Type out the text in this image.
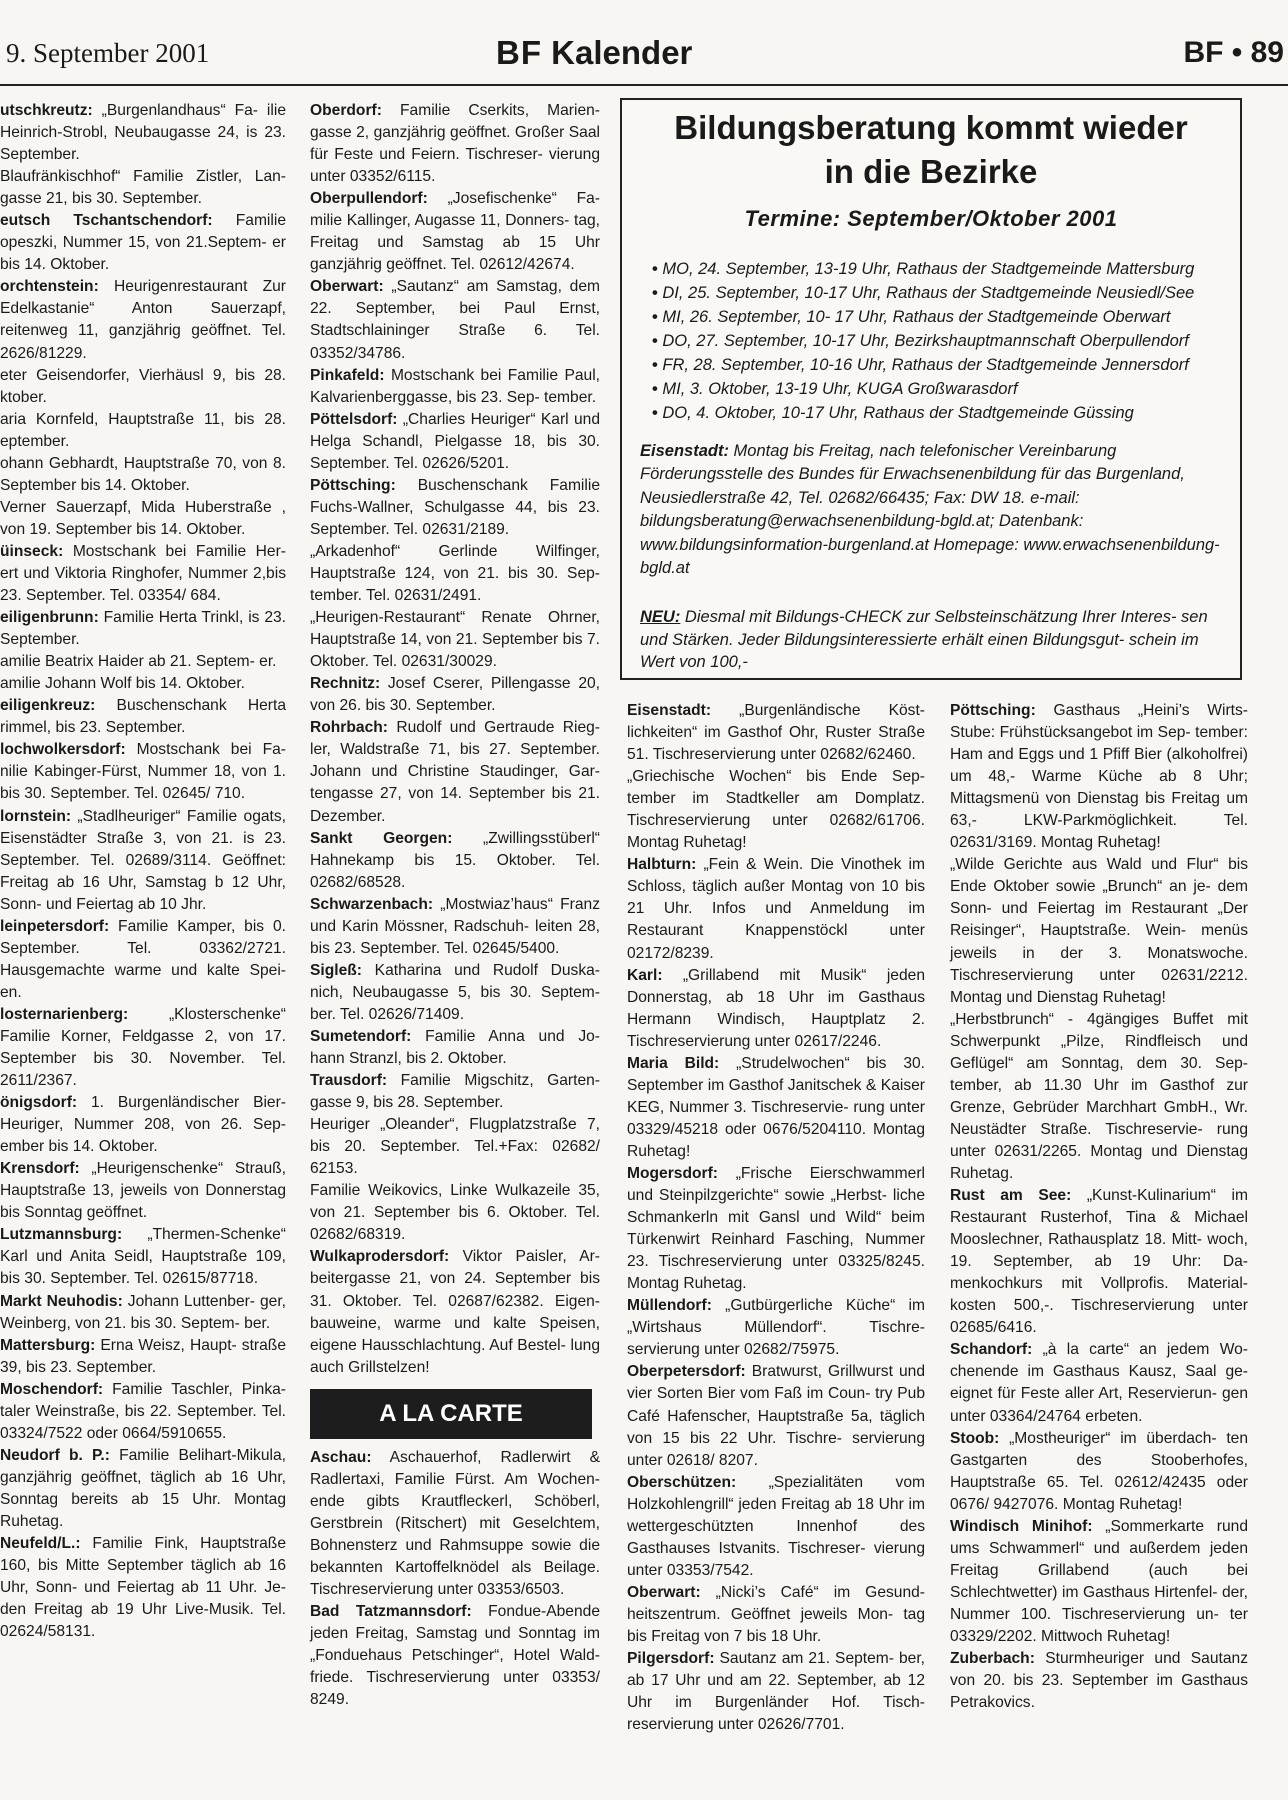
9. September 2001	BF Kalender	BF • 89

utschkreutz: „Burgenlandhaus“ Fa- ilie Heinrich-Strobl, Neubaugasse 24, is 23. September.

Blaufränkischhof“ Familie Zistler, Lan- gasse 21, bis 30. September.

eutsch Tschantschendorf: Familie opeszki, Nummer 15, von 21.Septem- er bis 14. Oktober.

orchtenstein: Heurigenrestaurant Zur Edelkastanie“ Anton Sauerzapf, reitenweg 11, ganzjährig geöffnet. Tel. 2626/81229.

eter Geisendorfer, Vierhäusl 9, bis 28. ktober.

aria Kornfeld, Hauptstraße 11, bis 28. eptember.

ohann Gebhardt, Hauptstraße 70, von 8. September bis 14. Oktober.

Verner Sauerzapf, Mida Huberstraße , von 19. September bis 14. Oktober.

üinseck: Mostschank bei Familie Her- ert und Viktoria Ringhofer, Nummer 2,bis 23. September. Tel. 03354/ 684.

eiligenbrunn: Familie Herta Trinkl, is 23. September.

amilie Beatrix Haider ab 21. Septem- er.

amilie Johann Wolf bis 14. Oktober.

eiligenkreuz: Buschenschank Herta rimmel, bis 23. September.

lochwolkersdorf: Mostschank bei Fa- nilie Kabinger-Fürst, Nummer 18, von 1. bis 30. September. Tel. 02645/ 710.

lornstein: „Stadlheuriger“ Familie ogats, Eisenstädter Straße 3, von 21. is 23. September. Tel. 02689/3114. Geöffnet: Freitag ab 16 Uhr, Samstag b 12 Uhr, Sonn- und Feiertag ab 10 Jhr.

leinpetersdorf: Familie Kamper, bis 0. September. Tel. 03362/2721. Hausgemachte warme und kalte Spei- en.

losternarienberg: „Klosterschenke“ Familie Korner, Feldgasse 2, von 17. September bis 30. November. Tel. 2611/2367.

önigsdorf: 1. Burgenländischer Bier- Heuriger, Nummer 208, von 26. Sep- ember bis 14. Oktober.

Krensdorf: „Heurigenschenke“ Strauß, Hauptstraße 13, jeweils von Donnerstag bis Sonntag geöffnet.

Lutzmannsburg: „Thermen-Schenke“ Karl und Anita Seidl, Hauptstraße 109, bis 30. September. Tel. 02615/87718.

Markt Neuhodis: Johann Luttenber- ger, Weinberg, von 21. bis 30. Septem- ber.

Mattersburg: Erna Weisz, Haupt- straße 39, bis 23. September.

Moschendorf: Familie Taschler, Pinka- taler Weinstraße, bis 22. September. Tel. 03324/7522 oder 0664/5910655.

Neudorf b. P.: Familie Belihart-Mikula, ganzjährig geöffnet, täglich ab 16 Uhr, Sonntag bereits ab 15 Uhr. Montag Ruhetag.

Neufeld/L.: Familie Fink, Hauptstraße 160, bis Mitte September täglich ab 16 Uhr, Sonn- und Feiertag ab 11 Uhr. Je- den Freitag ab 19 Uhr Live-Musik. Tel. 02624/58131.

Oberdorf: Familie Cserkits, Marien- gasse 2, ganzjährig geöffnet. Großer Saal für Feste und Feiern. Tischreser- vierung unter 03352/6115.

Oberpullendorf: „Josefischenke“ Fa- milie Kallinger, Augasse 11, Donners- tag, Freitag und Samstag ab 15 Uhr ganzjährig geöffnet. Tel. 02612/42674.

Oberwart: „Sautanz“ am Samstag, dem 22. September, bei Paul Ernst, Stadtschlaininger Straße 6. Tel. 03352/34786.

Pinkafeld: Mostschank bei Familie Paul, Kalvarienberggasse, bis 23. Sep- tember.

Pöttelsdorf: „Charlies Heuriger“ Karl und Helga Schandl, Pielgasse 18, bis 30. September. Tel. 02626/5201.

Pöttsching: Buschenschank Familie Fuchs-Wallner, Schulgasse 44, bis 23. September. Tel. 02631/2189.

„Arkadenhof“ Gerlinde Wilfinger, Hauptstraße 124, von 21. bis 30. Sep- tember. Tel. 02631/2491.

„Heurigen-Restaurant“ Renate Ohrner, Hauptstraße 14, von 21. September bis 7. Oktober. Tel. 02631/30029.

Rechnitz: Josef Cserer, Pillengasse 20, von 26. bis 30. September.

Rohrbach: Rudolf und Gertraude Rieg- ler, Waldstraße 71, bis 27. September. Johann und Christine Staudinger, Gar- tengasse 27, von 14. September bis 21. Dezember.

Sankt Georgen: „Zwillingsstüberl“ Hahnekamp bis 15. Oktober. Tel. 02682/68528.

Schwarzenbach: „Mostwiaz’haus“ Franz und Karin Mössner, Radschuh- leiten 28, bis 23. September. Tel. 02645/5400.

Sigleß: Katharina und Rudolf Duska- nich, Neubaugasse 5, bis 30. Septem- ber. Tel. 02626/71409.

Sumetendorf: Familie Anna und Jo- hann Stranzl, bis 2. Oktober.

Trausdorf: Familie Migschitz, Garten- gasse 9, bis 28. September.

Heuriger „Oleander“, Flugplatzstraße 7, bis 20. September. Tel.+Fax: 02682/ 62153.

Familie Weikovics, Linke Wulkazeile 35, von 21. September bis 6. Oktober. Tel. 02682/68319.

Wulkaprodersdorf: Viktor Paisler, Ar- beitergasse 21, von 24. September bis 31. Oktober. Tel. 02687/62382. Eigen- bauweine, warme und kalte Speisen, eigene Hausschlachtung. Auf Bestel- lung auch Grillstelzen!

A LA CARTE

Aschau: Aschauerhof, Radlerwirt & Radlertaxi, Familie Fürst. Am Wochen- ende gibts Krautfleckerl, Schöberl, Gerstbrein (Ritschert) mit Geselchtem, Bohnensterz und Rahmsuppe sowie die bekannten Kartoffelknödel als Beilage. Tischreservierung unter 03353/6503.

Bad Tatzmannsdorf: Fondue-Abende jeden Freitag, Samstag und Sonntag im „Fonduehaus Petschinger“, Hotel Wald- friede. Tischreservierung unter 03353/ 8249.

Bildungsberatung kommt wieder
in die Bezirke
Termine: September/Oktober 2001
• MO, 24. September, 13-19 Uhr, Rathaus der Stadtgemeinde Mattersburg
• DI, 25. September, 10-17 Uhr, Rathaus der Stadtgemeinde Neusiedl/See
• MI, 26. September, 10- 17 Uhr, Rathaus der Stadtgemeinde Oberwart
• DO, 27. September, 10-17 Uhr, Bezirkshauptmannschaft Oberpullendorf
• FR, 28. September, 10-16 Uhr, Rathaus der Stadtgemeinde Jennersdorf
• MI, 3. Oktober, 13-19 Uhr, KUGA Großwarasdorf
• DO, 4. Oktober, 10-17 Uhr, Rathaus der Stadtgemeinde Güssing
Eisenstadt: Montag bis Freitag, nach telefonischer Vereinbarung Förderungsstelle des Bundes für Erwachsenenbildung für das Burgenland, Neusiedlerstraße 42, Tel. 02682/66435; Fax: DW 18. e-mail: bildungsberatung@erwachsenenbildung-bgld.at; Datenbank: www.bildungsinformation-burgenland.at Homepage: www.erwachsenenbildung-bgld.at
NEU: Diesmal mit Bildungs-CHECK zur Selbsteinschätzung Ihrer Interes- sen und Stärken. Jeder Bildungsinteressierte erhält einen Bildungsgut- schein im Wert von 100,-

Eisenstadt: „Burgenländische Köst- lichkeiten“ im Gasthof Ohr, Ruster Straße 51. Tischreservierung unter 02682/62460.

„Griechische Wochen“ bis Ende Sep- tember im Stadtkeller am Domplatz. Tischreservierung unter 02682/61706. Montag Ruhetag!

Halbturn: „Fein & Wein. Die Vinothek im Schloss, täglich außer Montag von 10 bis 21 Uhr. Infos und Anmeldung im Restaurant Knappenstöckl unter 02172/8239.

Karl: „Grillabend mit Musik“ jeden Donnerstag, ab 18 Uhr im Gasthaus Hermann Windisch, Hauptplatz 2. Tischreservierung unter 02617/2246.

Maria Bild: „Strudelwochen“ bis 30. September im Gasthof Janitschek & Kaiser KEG, Nummer 3. Tischreservie- rung unter 03329/45218 oder 0676/5204110. Montag Ruhetag!

Mogersdorf: „Frische Eierschwammerl und Steinpilzgerichte“ sowie „Herbst- liche Schmankerln mit Gansl und Wild“ beim Türkenwirt Reinhard Fasching, Nummer 23. Tischreservierung unter 03325/8245. Montag Ruhetag.

Müllendorf: „Gutbürgerliche Küche“ im „Wirtshaus Müllendorf“. Tischre- servierung unter 02682/75975.

Oberpetersdorf: Bratwurst, Grillwurst und vier Sorten Bier vom Faß im Coun- try Pub Café Hafenscher, Hauptstraße 5a, täglich von 15 bis 22 Uhr. Tischre- servierung unter 02618/ 8207.

Oberschützen: „Spezialitäten vom Holzkohlengrill“ jeden Freitag ab 18 Uhr im wettergeschützten Innenhof des Gasthauses Istvanits. Tischreser- vierung unter 03353/7542.

Oberwart: „Nicki’s Café“ im Gesund- heitszentrum. Geöffnet jeweils Mon- tag bis Freitag von 7 bis 18 Uhr.

Pilgersdorf: Sautanz am 21. Septem- ber, ab 17 Uhr und am 22. September, ab 12 Uhr im Burgenländer Hof. Tisch- reservierung unter 02626/7701.

Pöttsching: Gasthaus „Heini’s Wirts- Stube: Frühstücksangebot im Sep- tember: Ham and Eggs und 1 Pfiff Bier (alkoholfrei) um 48,- Warme Küche ab 8 Uhr; Mittagsmenü von Dienstag bis Freitag um 63,- LKW-Parkmöglichkeit. Tel. 02631/3169. Montag Ruhetag!

„Wilde Gerichte aus Wald und Flur“ bis Ende Oktober sowie „Brunch“ an je- dem Sonn- und Feiertag im Restaurant „Der Reisinger“, Hauptstraße. Wein- menüs jeweils in der 3. Monatswoche. Tischreservierung unter 02631/2212. Montag und Dienstag Ruhetag!

„Herbstbrunch“ - 4gängiges Buffet mit Schwerpunkt „Pilze, Rindfleisch und Geflügel“ am Sonntag, dem 30. Sep- tember, ab 11.30 Uhr im Gasthof zur Grenze, Gebrüder Marchhart GmbH., Wr. Neustädter Straße. Tischreservie- rung unter 02631/2265. Montag und Dienstag Ruhetag.

Rust am See: „Kunst-Kulinarium“ im Restaurant Rusterhof, Tina & Michael Mooslechner, Rathausplatz 18. Mitt- woch, 19. September, ab 19 Uhr: Da- menkochkurs mit Vollprofis. Material- kosten 500,-. Tischreservierung unter 02685/6416.

Schandorf: „à la carte“ an jedem Wo- chenende im Gasthaus Kausz, Saal ge- eignet für Feste aller Art, Reservierun- gen unter 03364/24764 erbeten.

Stoob: „Mostheuriger“ im überdach- ten Gastgarten des Stooberhofes, Hauptstraße 65. Tel. 02612/42435 oder 0676/ 9427076. Montag Ruhetag!

Windisch Minihof: „Sommerkarte rund ums Schwammerl“ und außerdem jeden Freitag Grillabend (auch bei Schlechtwetter) im Gasthaus Hirtenfel- der, Nummer 100. Tischreservierung un- ter 03329/2202. Mittwoch Ruhetag!

Zuberbach: Sturmheuriger und Sautanz von 20. bis 23. September im Gasthaus Petrakovics.
